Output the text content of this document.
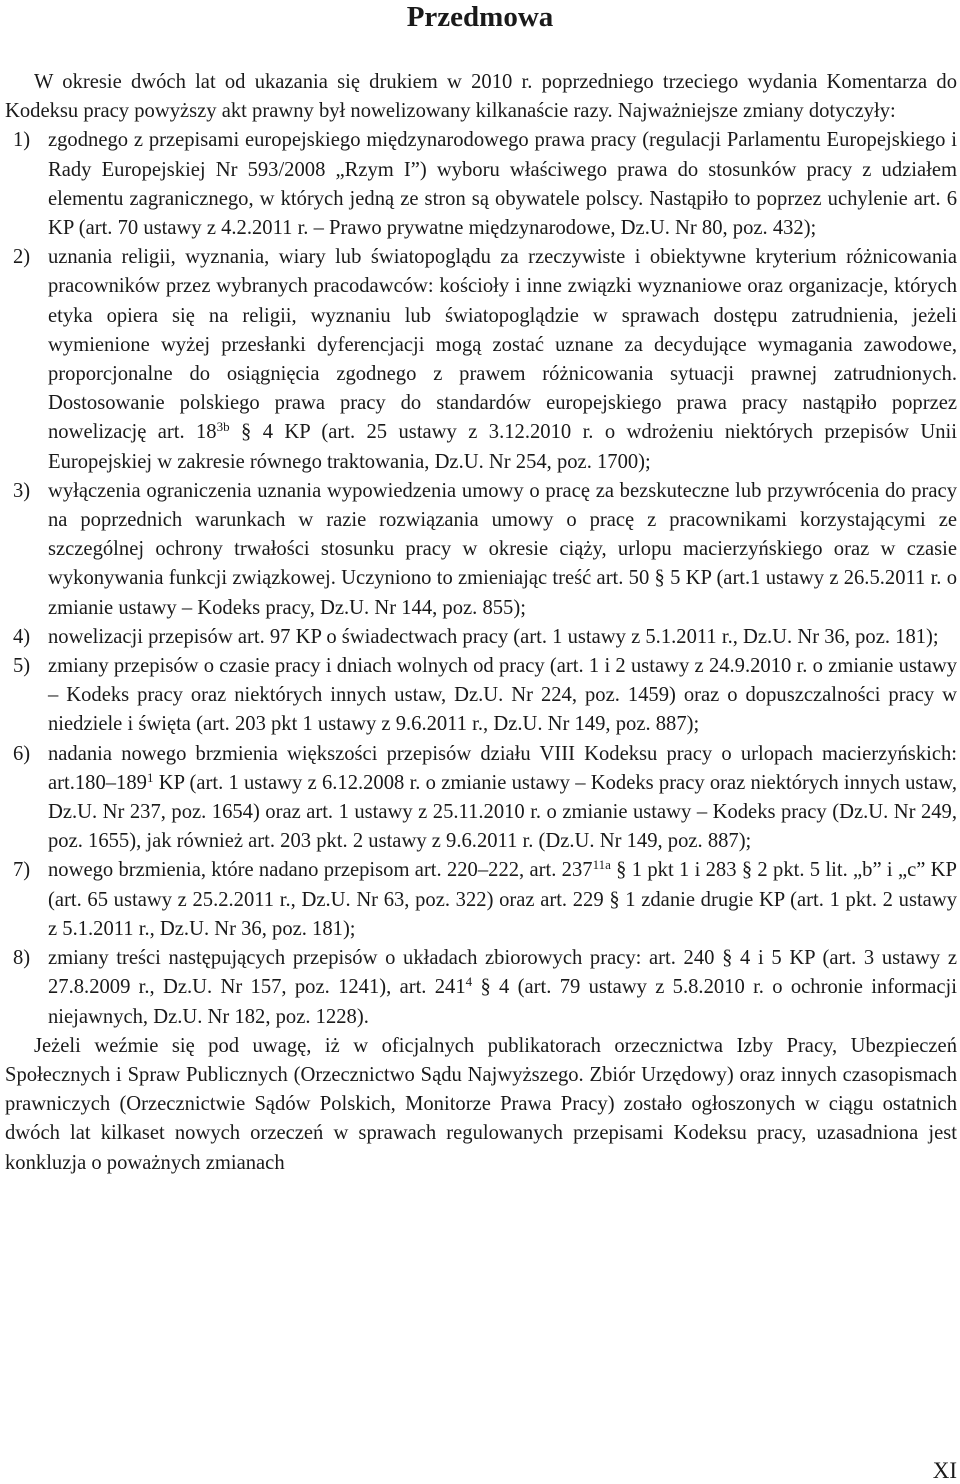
Przedmowa

W okresie dwóch lat od ukazania się drukiem w 2010 r. poprzedniego trzeciego wydania Komentarza do Kodeksu pracy powyższy akt prawny był nowelizowany kilkanaście razy. Najważniejsze zmiany dotyczyły:

1) zgodnego z przepisami europejskiego międzynarodowego prawa pracy (regulacji Parlamentu Europejskiego i Rady Europejskiej Nr 593/2008 „Rzym I”) wyboru właściwego prawa do stosunków pracy z udziałem elementu zagranicznego, w których jedną ze stron są obywatele polscy. Nastąpiło to poprzez uchylenie art. 6 KP (art. 70 ustawy z 4.2.2011 r. – Prawo prywatne międzynarodowe, Dz.U. Nr 80, poz. 432);
2) uznania religii, wyznania, wiary lub światopoglądu za rzeczywiste i obiektywne kryterium różnicowania pracowników przez wybranych pracodawców: kościoły i inne związki wyznaniowe oraz organizacje, których etyka opiera się na religii, wyznaniu lub światopoglądzie w sprawach dostępu zatrudnienia, jeżeli wymienione wyżej przesłanki dyferencjacji mogą zostać uznane za decydujące wymagania zawodowe, proporcjonalne do osiągnięcia zgodnego z prawem różnicowania sytuacji prawnej zatrudnionych. Dostosowanie polskiego prawa pracy do standardów europejskiego prawa pracy nastąpiło poprzez nowelizację art. $18^{3b}$ § 4 KP (art. 25 ustawy z 3.12.2010 r. o wdrożeniu niektórych przepisów Unii Europejskiej w zakresie równego traktowania, Dz.U. Nr 254, poz. 1700);
3) wyłączenia ograniczenia uznania wypowiedzenia umowy o pracę za bezskuteczne lub przywrócenia do pracy na poprzednich warunkach w razie rozwiązania umowy o pracę z pracownikami korzystającymi ze szczególnej ochrony trwałości stosunku pracy w okresie ciąży, urlopu macierzyńskiego oraz w czasie wykonywania funkcji związkowej. Uczyniono to zmieniając treść art. 50 § 5 KP (art.1 ustawy z 26.5.2011 r. o zmianie ustawy – Kodeks pracy, Dz.U. Nr 144, poz. 855);
4) nowelizacji przepisów art. 97 KP o świadectwach pracy (art. 1 ustawy z 5.1.2011 r., Dz.U. Nr 36, poz. 181);
5) zmiany przepisów o czasie pracy i dniach wolnych od pracy (art. 1 i 2 ustawy z 24.9.2010 r. o zmianie ustawy – Kodeks pracy oraz niektórych innych ustaw, Dz.U. Nr 224, poz. 1459) oraz o dopuszczalności pracy w niedziele i święta (art. 203 pkt 1 ustawy z 9.6.2011 r., Dz.U. Nr 149, poz. 887);
6) nadania nowego brzmienia większości przepisów działu VIII Kodeksu pracy o urlopach macierzyńskich: $art.180-189^1$ KP (art. 1 ustawy z 6.12.2008 r. o zmianie ustawy – Kodeks pracy oraz niektórych innych ustaw, Dz.U. Nr 237, poz. 1654) oraz art. 1 ustawy z 25.11.2010 r. o zmianie ustawy – Kodeks pracy (Dz.U. Nr 249, poz. 1655), jak również art. 203 pkt. 2 ustawy z 9.6.2011 r. (Dz.U. Nr 149, poz. 887);
7) nowego brzmienia, które nadano przepisom art. 220–222, art. $237^{11a}$ § 1 pkt 1 i 283 § 2 pkt. 5 lit. „b” i „c” KP (art. 65 ustawy z 25.2.2011 r., Dz.U. Nr 63, poz. 322) oraz art. 229 § 1 zdanie drugie KP (art. 1 pkt. 2 ustawy z 5.1.2011 r., Dz.U. Nr 36, poz. 181);
8) zmiany treści następujących przepisów o układach zbiorowych pracy: art. 240 § 4 i 5 KP (art. 3 ustawy z 27.8.2009 r., Dz.U. Nr 157, poz. 1241), art. $241^4$ § 4 (art. 79 ustawy z 5.8.2010 r. o ochronie informacji niejawnych, Dz.U. Nr 182, poz. 1228).

Jeżeli weźmie się pod uwagę, iż w oficjalnych publikatorach orzecznictwa Izby Pracy, Ubezpieczeń Społecznych i Spraw Publicznych (Orzecznictwo Sądu Najwyższego. Zbiór Urzędowy) oraz innych czasopismach prawniczych (Orzecznictwie Sądów Polskich, Monitorze Prawa Pracy) zostało ogłoszonych w ciągu ostatnich dwóch lat kilkaset nowych orzeczeń w sprawach regulowanych przepisami Kodeksu pracy, uzasadniona jest konkluzja o poważnych zmianach

XI
